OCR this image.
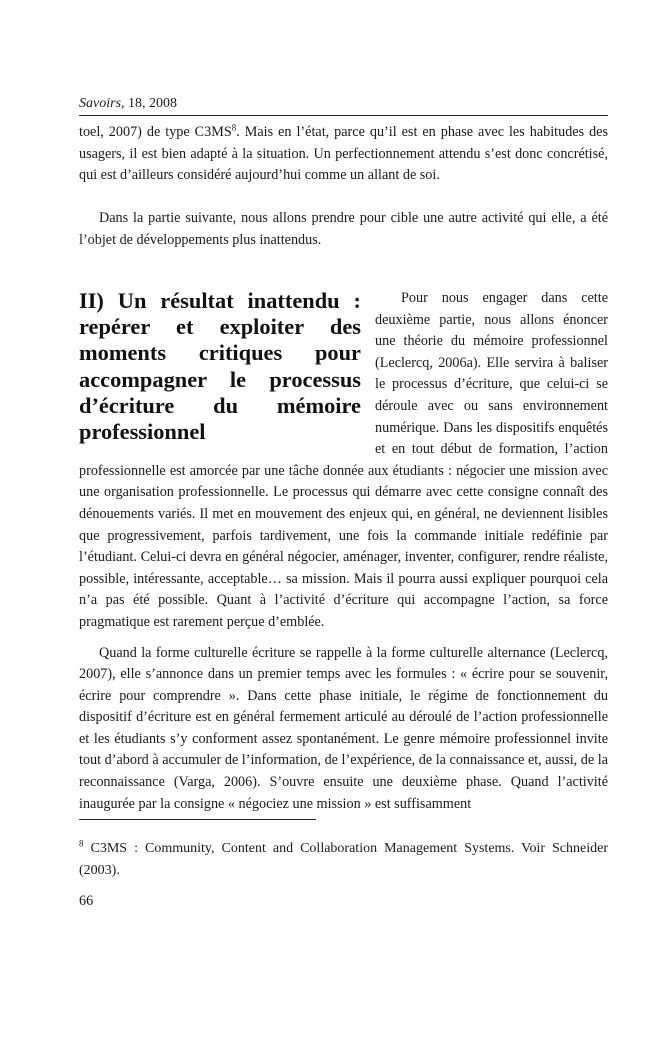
Savoirs, 18, 2008

toel, 2007) de type $C3MS^8$. Mais en l’état, parce qu’il est en phase avec les habitudes des usagers, il est bien adapté à la situation. Un perfectionnement attendu s’est donc concrétisé, qui est d’ailleurs considéré aujourd’hui comme un allant de soi.

Dans la partie suivante, nous allons prendre pour cible une autre activité qui elle, a été l’objet de développements plus inattendus.

II) Un résultat inattendu : repérer et exploiter des moments critiques pour accompagner le processus d’écriture du mémoire professionnel

Pour nous engager dans cette deuxième partie, nous allons énoncer une théorie du mémoire professionnel (Leclercq, 2006a). Elle servira à baliser le processus d’écriture, que celui-ci se déroule avec ou sans environnement numérique. Dans les dispositifs enquêtés et en tout début de formation, l’action professionnelle est amorcée par une tâche donnée aux étudiants : négocier une mission avec une organisation professionnelle. Le processus qui démarre avec cette consigne connaît des dénouements variés. Il met en mouvement des enjeux qui, en général, ne deviennent lisibles que progressivement, parfois tardivement, une fois la commande initiale redéfinie par l’étudiant. Celui-ci devra en général négocier, aménager, inventer, configurer, rendre réaliste, possible, intéressante, acceptable… sa mission. Mais il pourra aussi expliquer pourquoi cela n’a pas été possible. Quant à l’activité d’écriture qui accompagne l’action, sa force pragmatique est rarement perçue d’emblée.

Quand la forme culturelle écriture se rappelle à la forme culturelle alternance (Leclercq, 2007), elle s’annonce dans un premier temps avec les formules : « écrire pour se souvenir, écrire pour comprendre ». Dans cette phase initiale, le régime de fonctionnement du dispositif d’écriture est en général fermement articulé au déroulé de l’action professionnelle et les étudiants s’y conforment assez spontanément. Le genre mémoire professionnel invite tout d’abord à accumuler de l’information, de l’expérience, de la connaissance et, aussi, de la reconnaissance (Varga, 2006). S’ouvre ensuite une deuxième phase. Quand l’activité inaugurée par la consigne « négociez une mission » est suffisamment

$^8$ C3MS : Community, Content and Collaboration Management Systems. Voir Schneider (2003).

66
